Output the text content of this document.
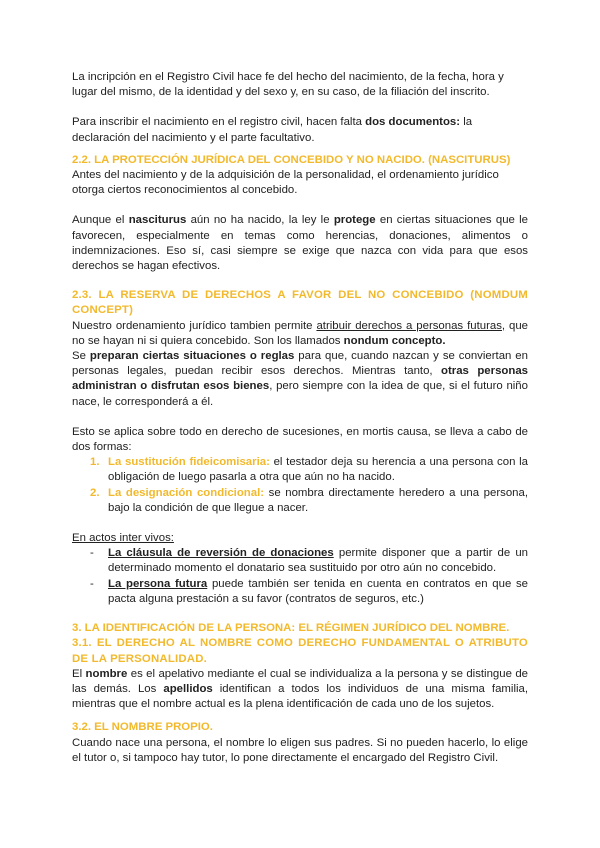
La incripción en el Registro Civil hace fe del hecho del nacimiento, de la fecha, hora y lugar del mismo, de la identidad y del sexo y, en su caso, de la filiación del inscrito.

Para inscribir el nacimiento en el registro civil, hacen falta dos documentos: la declaración del nacimiento y el parte facultativo.

2.2. LA PROTECCIÓN JURÍDICA DEL CONCEBIDO Y NO NACIDO. (NASCITURUS)

Antes del nacimiento y de la adquisición de la personalidad, el ordenamiento jurídico otorga ciertos reconocimientos al concebido.

Aunque el nasciturus aún no ha nacido, la ley le protege en ciertas situaciones que le favorecen, especialmente en temas como herencias, donaciones, alimentos o indemnizaciones. Eso sí, casi siempre se exige que nazca con vida para que esos derechos se hagan efectivos.

2.3. LA RESERVA DE DERECHOS A FAVOR DEL NO CONCEBIDO (NOMDUM CONCEPT)

Nuestro ordenamiento jurídico tambien permite atribuir derechos a personas futuras, que no se hayan ni si quiera concebido. Son los llamados nondum concepto.

Se preparan ciertas situaciones o reglas para que, cuando nazcan y se conviertan en personas legales, puedan recibir esos derechos. Mientras tanto, otras personas administran o disfrutan esos bienes, pero siempre con la idea de que, si el futuro niño nace, le corresponderá a él.

Esto se aplica sobre todo en derecho de sucesiones, en mortis causa, se lleva a cabo de dos formas:

1. La sustitución fideicomisaria: el testador deja su herencia a una persona con la obligación de luego pasarla a otra que aún no ha nacido.
2. La designación condicional: se nombra directamente heredero a una persona, bajo la condición de que llegue a nacer.

En actos inter vivos:

- La cláusula de reversión de donaciones permite disponer que a partir de un determinado momento el donatario sea sustituido por otro aún no concebido.
- La persona futura puede también ser tenida en cuenta en contratos en que se pacta alguna prestación a su favor (contratos de seguros, etc.)

3. LA IDENTIFICACIÓN DE LA PERSONA: EL RÉGIMEN JURÍDICO DEL NOMBRE.

3.1. EL DERECHO AL NOMBRE COMO DERECHO FUNDAMENTAL O ATRIBUTO DE LA PERSONALIDAD.

El nombre es el apelativo mediante el cual se individualiza a la persona y se distingue de las demás. Los apellidos identifican a todos los individuos de una misma familia, mientras que el nombre actual es la plena identificación de cada uno de los sujetos.

3.2. EL NOMBRE PROPIO.

Cuando nace una persona, el nombre lo eligen sus padres. Si no pueden hacerlo, lo elige el tutor o, si tampoco hay tutor, lo pone directamente el encargado del Registro Civil.
